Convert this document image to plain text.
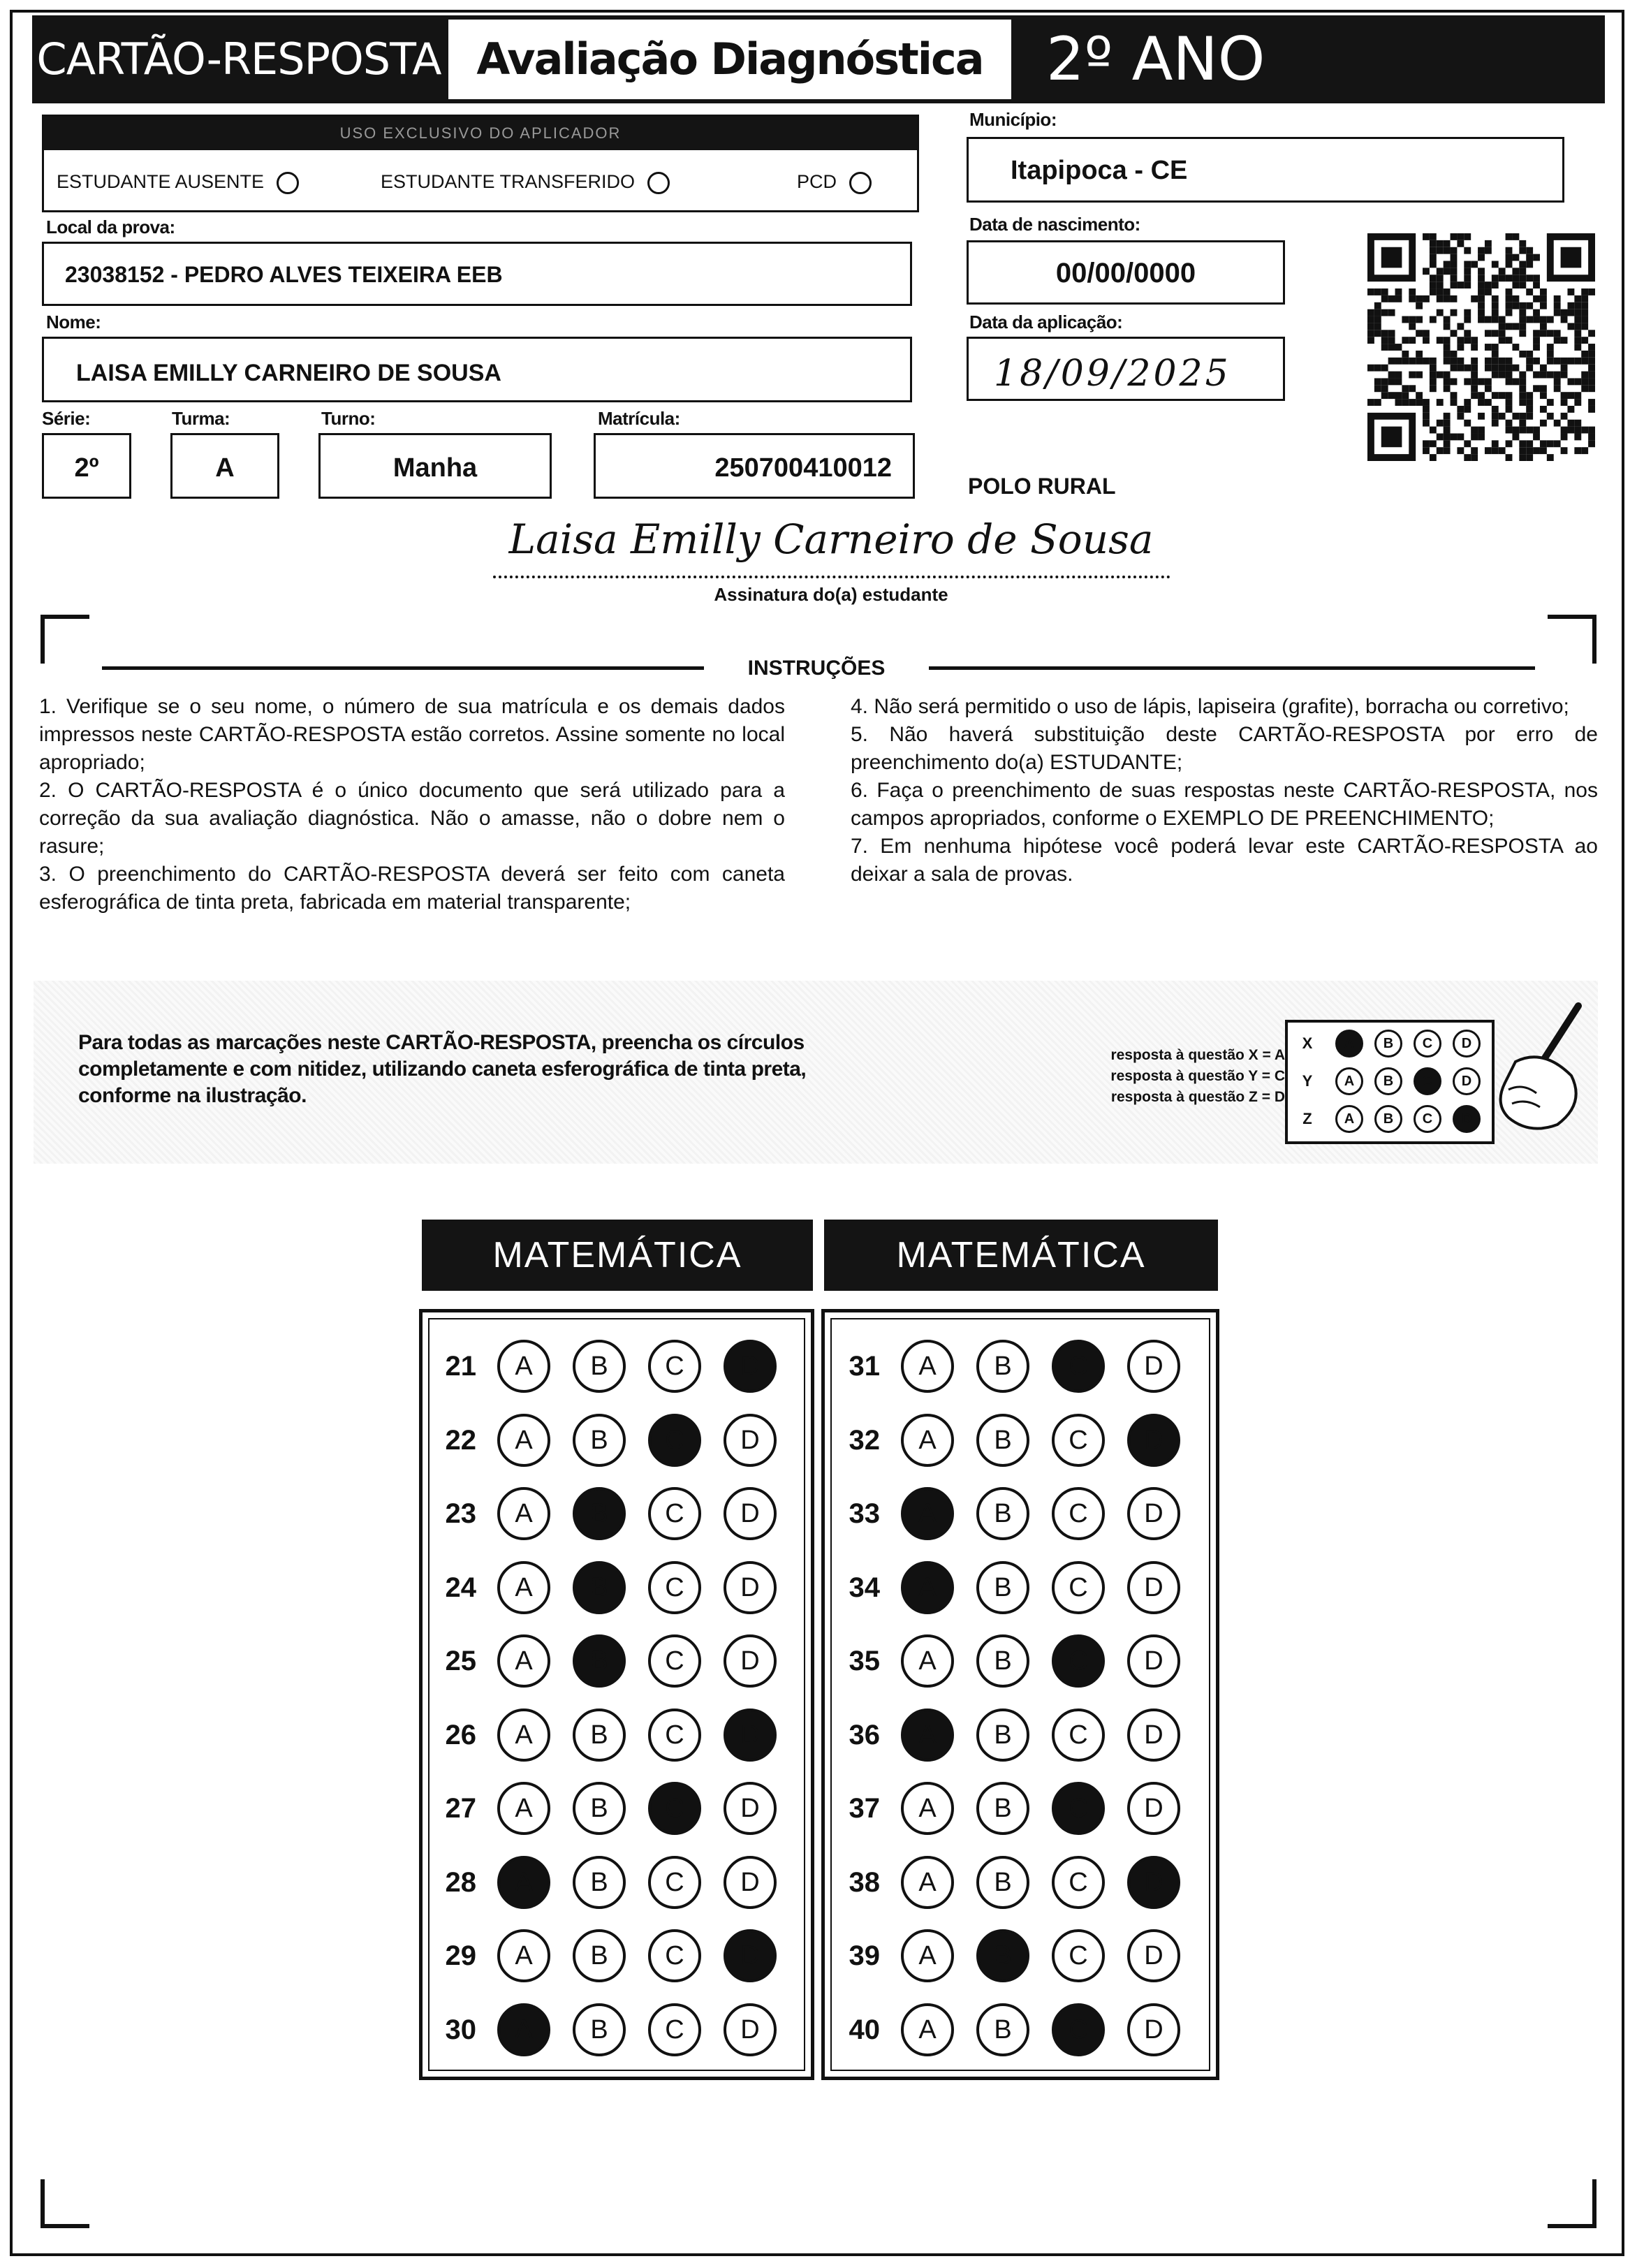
CARTÃO-RESPOSTA Avaliação Diagnóstica	2º ANO
USO EXCLUSIVO DO APLICADOR
ESTUDANTE AUSENTE	ESTUDANTE TRANSFERIDO	PCD
Município:
Itapipoca - CE
Local da prova:
23038152 - PEDRO ALVES TEIXEIRA EEB
Data de nascimento:
00/00/0000
Nome:
LAISA EMILLY CARNEIRO DE SOUSA
Data da aplicação:
18/09/2025
Série:
2º
Turma:
A
Turno:
Manha
Matrícula:
250700410012
POLO RURAL
Laisa Emilly Carneiro de Sousa
Assinatura do(a) estudante
INSTRUÇÕES
1. Verifique se o seu nome, o número de sua matrícula e os demais dados impressos neste CARTÃO-RESPOSTA estão corretos. Assine somente no local apropriado;
2. O CARTÃO-RESPOSTA é o único documento que será utilizado para a correção da sua avaliação diagnóstica. Não o amasse, não o dobre nem o rasure;
3. O preenchimento do CARTÃO-RESPOSTA deverá ser feito com caneta esferográfica de tinta preta, fabricada em material transparente;
4. Não será permitido o uso de lápis, lapiseira (grafite), borracha ou corretivo;
5. Não haverá substituição deste CARTÃO-RESPOSTA por erro de preenchimento do(a) ESTUDANTE;
6. Faça o preenchimento de suas respostas neste CARTÃO-RESPOSTA, nos campos apropriados, conforme o EXEMPLO DE PREENCHIMENTO;
7. Em nenhuma hipótese você poderá levar este CARTÃO-RESPOSTA ao deixar a sala de provas.
Para todas as marcações neste CARTÃO-RESPOSTA, preencha os círculos completamente e com nitidez, utilizando caneta esferográfica de tinta preta, conforme na ilustração.
resposta à questão X = A
resposta à questão Y = C
resposta à questão Z = D
X	A	B	C	D
Y	A	B	C	D
Z	A	B	C	D
MATEMÁTICA	MATEMÁTICA
21	A	B	C	D
22	A	B	C	D
23	A	B	C	D
24	A	B	C	D
25	A	B	C	D
26	A	B	C	D
27	A	B	C	D
28	A	B	C	D
29	A	B	C	D
30	A	B	C	D
31	A	B	C	D
32	A	B	C	D
33	A	B	C	D
34	A	B	C	D
35	A	B	C	D
36	A	B	C	D
37	A	B	C	D
38	A	B	C	D
39	A	B	C	D
40	A	B	C	D
